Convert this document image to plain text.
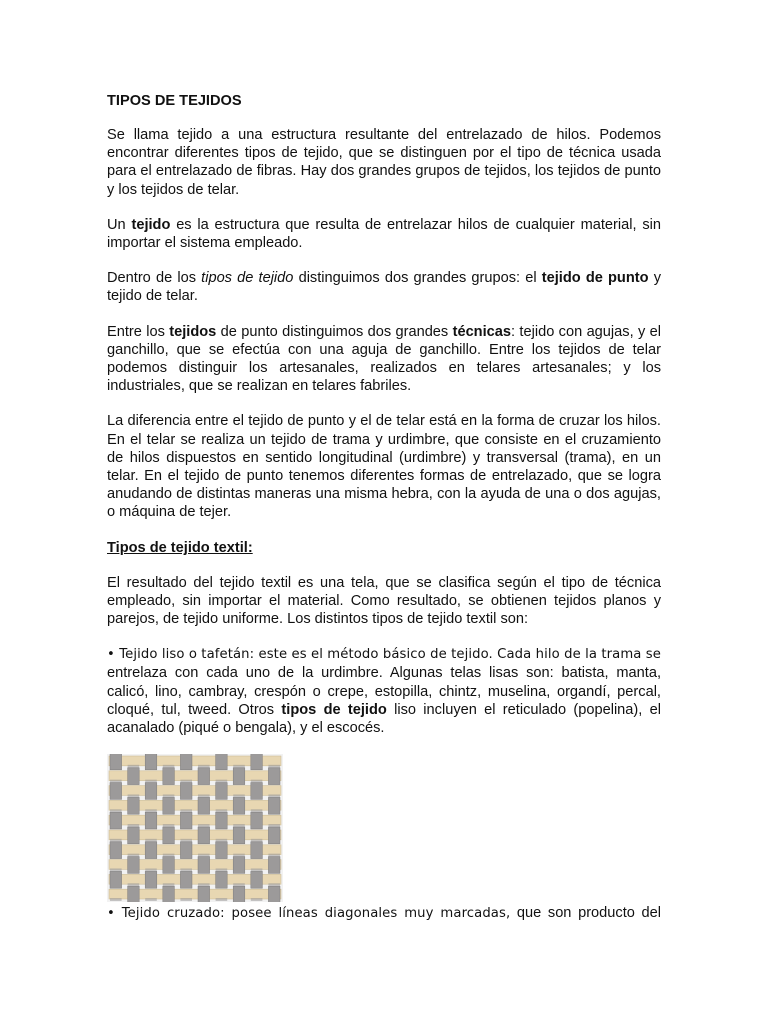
TIPOS DE TEJIDOS

Se llama tejido a una estructura resultante del entrelazado de hilos. Podemos encontrar diferentes tipos de tejido, que se distinguen por el tipo de técnica usada para el entrelazado de fibras. Hay dos grandes grupos de tejidos, los tejidos de punto y los tejidos de telar.

Un tejido es la estructura que resulta de entrelazar hilos de cualquier material, sin importar el sistema empleado.

Dentro de los tipos de tejido distinguimos dos grandes grupos: el tejido de punto y tejido de telar.

Entre los tejidos de punto distinguimos dos grandes técnicas: tejido con agujas, y el ganchillo, que se efectúa con una aguja de ganchillo. Entre los tejidos de telar podemos distinguir los artesanales, realizados en telares artesanales; y los industriales, que se realizan en telares fabriles.

La diferencia entre el tejido de punto y el de telar está en la forma de cruzar los hilos. En el telar se realiza un tejido de trama y urdimbre, que consiste en el cruzamiento de hilos dispuestos en sentido longitudinal (urdimbre) y transversal (trama), en un telar. En el tejido de punto tenemos diferentes formas de entrelazado, que se logra anudando de distintas maneras una misma hebra, con la ayuda de una o dos agujas, o máquina de tejer.

Tipos de tejido textil:

El resultado del tejido textil es una tela, que se clasifica según el tipo de técnica empleado, sin importar el material. Como resultado, se obtienen tejidos planos y parejos, de tejido uniforme. Los distintos tipos de tejido textil son:

• Tejido liso o tafetán: este es el método básico de tejido. Cada hilo de la trama se entrelaza con cada uno de la urdimbre. Algunas telas lisas son: batista, manta, calicó, lino, cambray, crespón o crepe, estopilla, chintz, muselina, organdí, percal, cloqué, tul, tweed. Otros tipos de tejido liso incluyen el reticulado (popelina), el acanalado (piqué o bengala), y el escocés.

• Tejido cruzado: posee líneas diagonales muy marcadas, que son producto del
